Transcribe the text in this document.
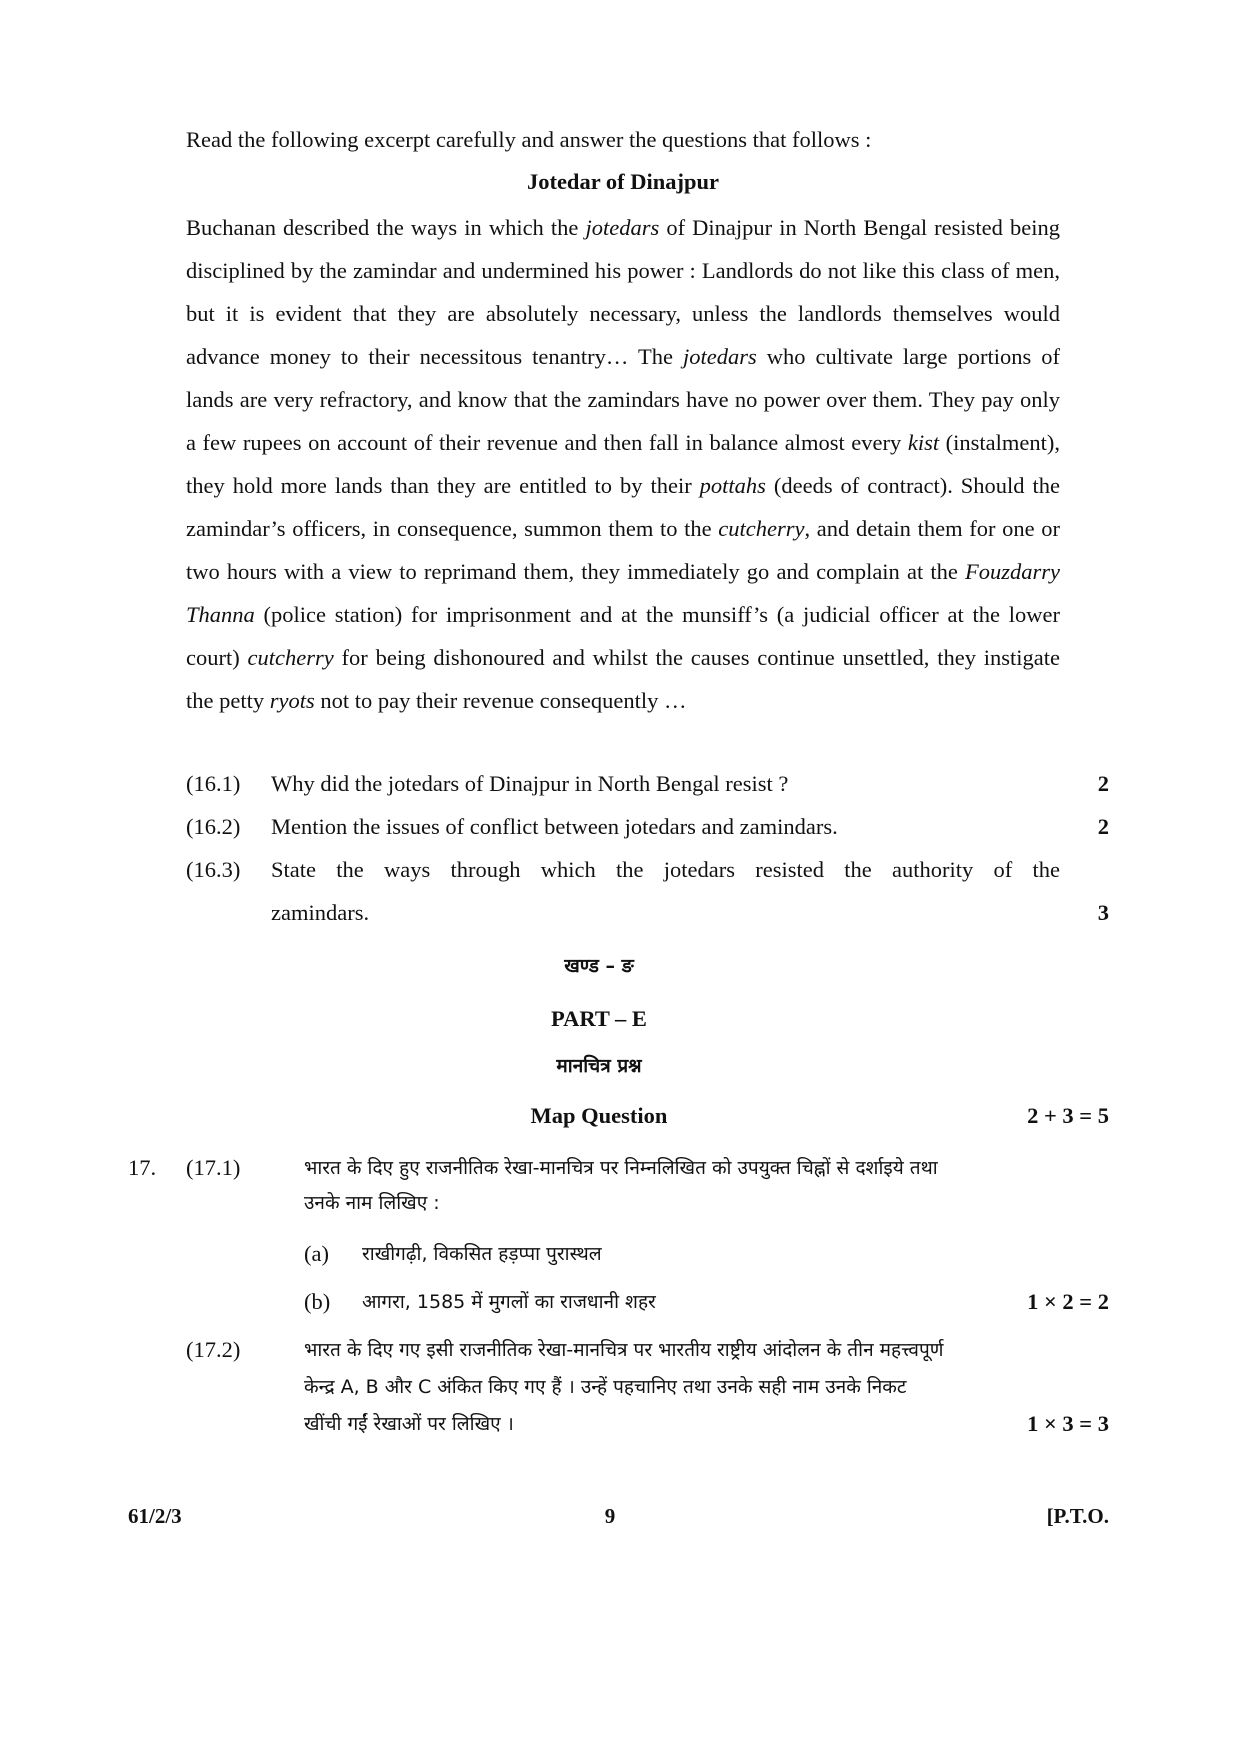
Read the following excerpt carefully and answer the questions that follows :
Jotedar of Dinajpur
Buchanan described the ways in which the jotedars of Dinajpur in North Bengal resisted being disciplined by the zamindar and undermined his power : Landlords do not like this class of men, but it is evident that they are absolutely necessary, unless the landlords themselves would advance money to their necessitous tenantry… The jotedars who cultivate large portions of lands are very refractory, and know that the zamindars have no power over them. They pay only a few rupees on account of their revenue and then fall in balance almost every kist (instalment), they hold more lands than they are entitled to by their pottahs (deeds of contract). Should the zamindar’s officers, in consequence, summon them to the cutcherry, and detain them for one or two hours with a view to reprimand them, they immediately go and complain at the Fouzdarry Thanna (police station) for imprisonment and at the munsiff’s (a judicial officer at the lower court) cutcherry for being dishonoured and whilst the causes continue unsettled, they instigate the petty ryots not to pay their revenue consequently …
(16.1)	Why did the jotedars of Dinajpur in North Bengal resist ?	2
(16.2)	Mention the issues of conflict between jotedars and zamindars.	2
(16.3)	State the ways through which the jotedars resisted the authority of the
zamindars.	3
खण्ड – ङ
PART – E
मानचित्र प्रश्न
Map Question	2 + 3 = 5
17. (17.1)	भारत के दिए हुए राजनीतिक रेखा-मानचित्र पर निम्नलिखित को उपयुक्त चिह्नों से दर्शाइये तथा
उनके नाम लिखिए :
(a) राखीगढ़ी, विकसित हड़प्पा पुरास्थल
(b) आगरा, 1585 में मुगलों का राजधानी शहर	1 × 2 = 2
(17.2)	भारत के दिए गए इसी राजनीतिक रेखा-मानचित्र पर भारतीय राष्ट्रीय आंदोलन के तीन महत्त्वपूर्ण
केन्द्र A, B और C अंकित किए गए हैं । उन्हें पहचानिए तथा उनके सही नाम उनके निकट
खींची गईं रेखाओं पर लिखिए ।	1 × 3 = 3
61/2/3	9	[P.T.O.
